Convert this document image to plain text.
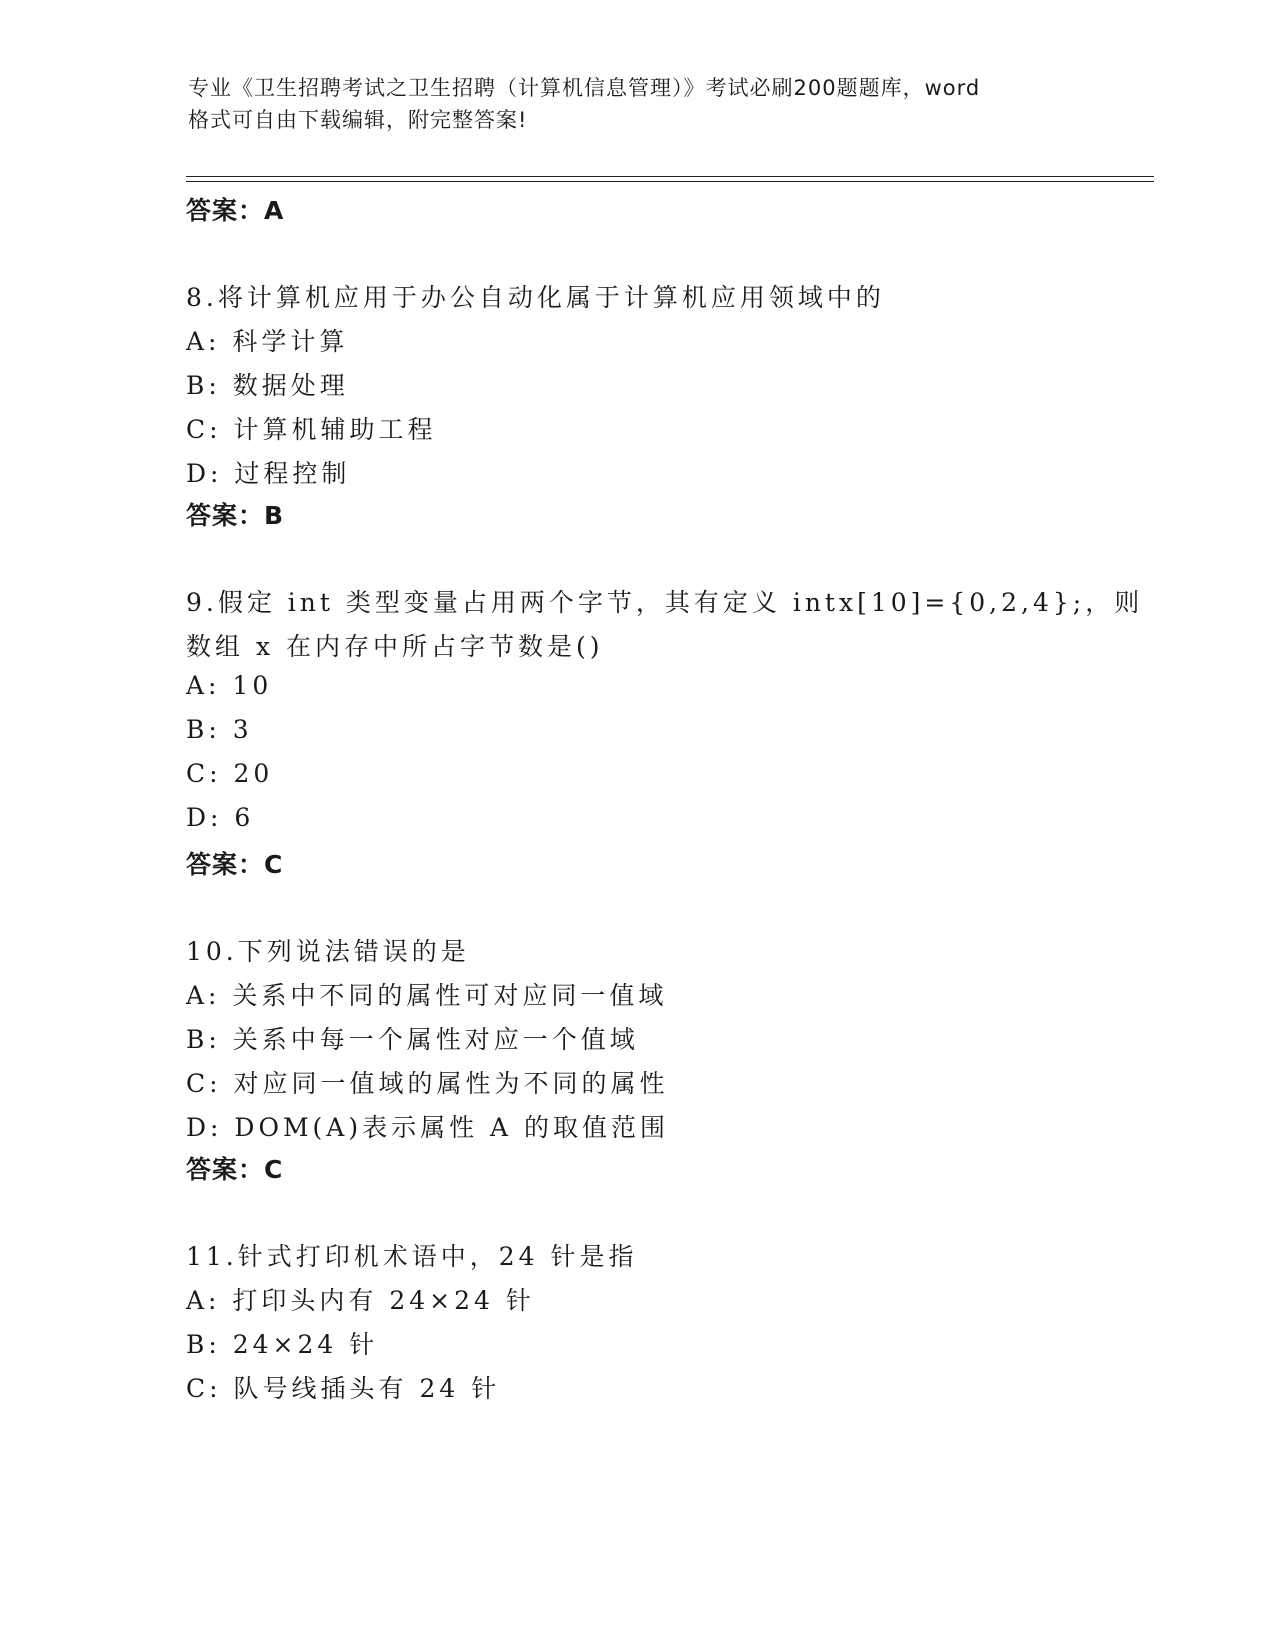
专业《卫生招聘考试之卫生招聘（计算机信息管理）》考试必刷200题题库，word
格式可自由下载编辑，附完整答案!
答案：A
8.将计算机应用于办公自动化属于计算机应用领域中的
A: 科学计算
B: 数据处理
C: 计算机辅助工程
D: 过程控制
答案：B
9.假定 int 类型变量占用两个字节，其有定义 intx[10]={0,2,4};，则
数组 x 在内存中所占字节数是()
A: 10
B: 3
C: 20
D: 6
答案：C
10.下列说法错误的是
A: 关系中不同的属性可对应同一值域
B: 关系中每一个属性对应一个值域
C: 对应同一值域的属性为不同的属性
D: DOM(A)表示属性 A 的取值范围
答案：C
11.针式打印机术语中，24 针是指
A: 打印头内有 24×24 针
B: 24×24 针
C: 队号线插头有 24 针
